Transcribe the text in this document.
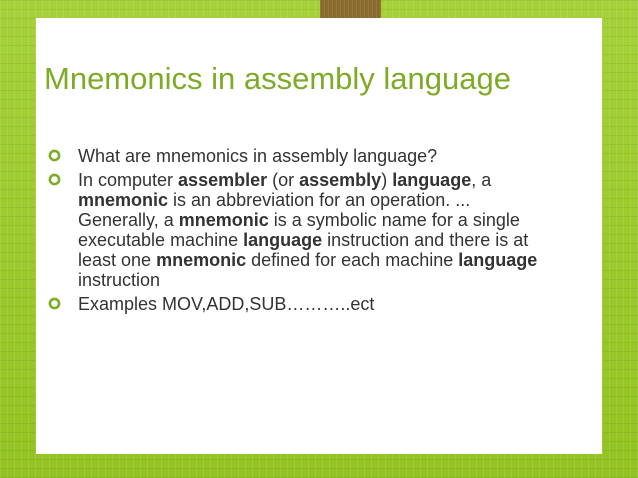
Mnemonics in assembly language
What are mnemonics in assembly language?
In computer assembler (or assembly) language, a mnemonic is an abbreviation for an operation. ... Generally, a mnemonic is a symbolic name for a single executable machine language instruction and there is at least one mnemonic defined for each machine language instruction
Examples MOV,ADD,SUB………..ect
